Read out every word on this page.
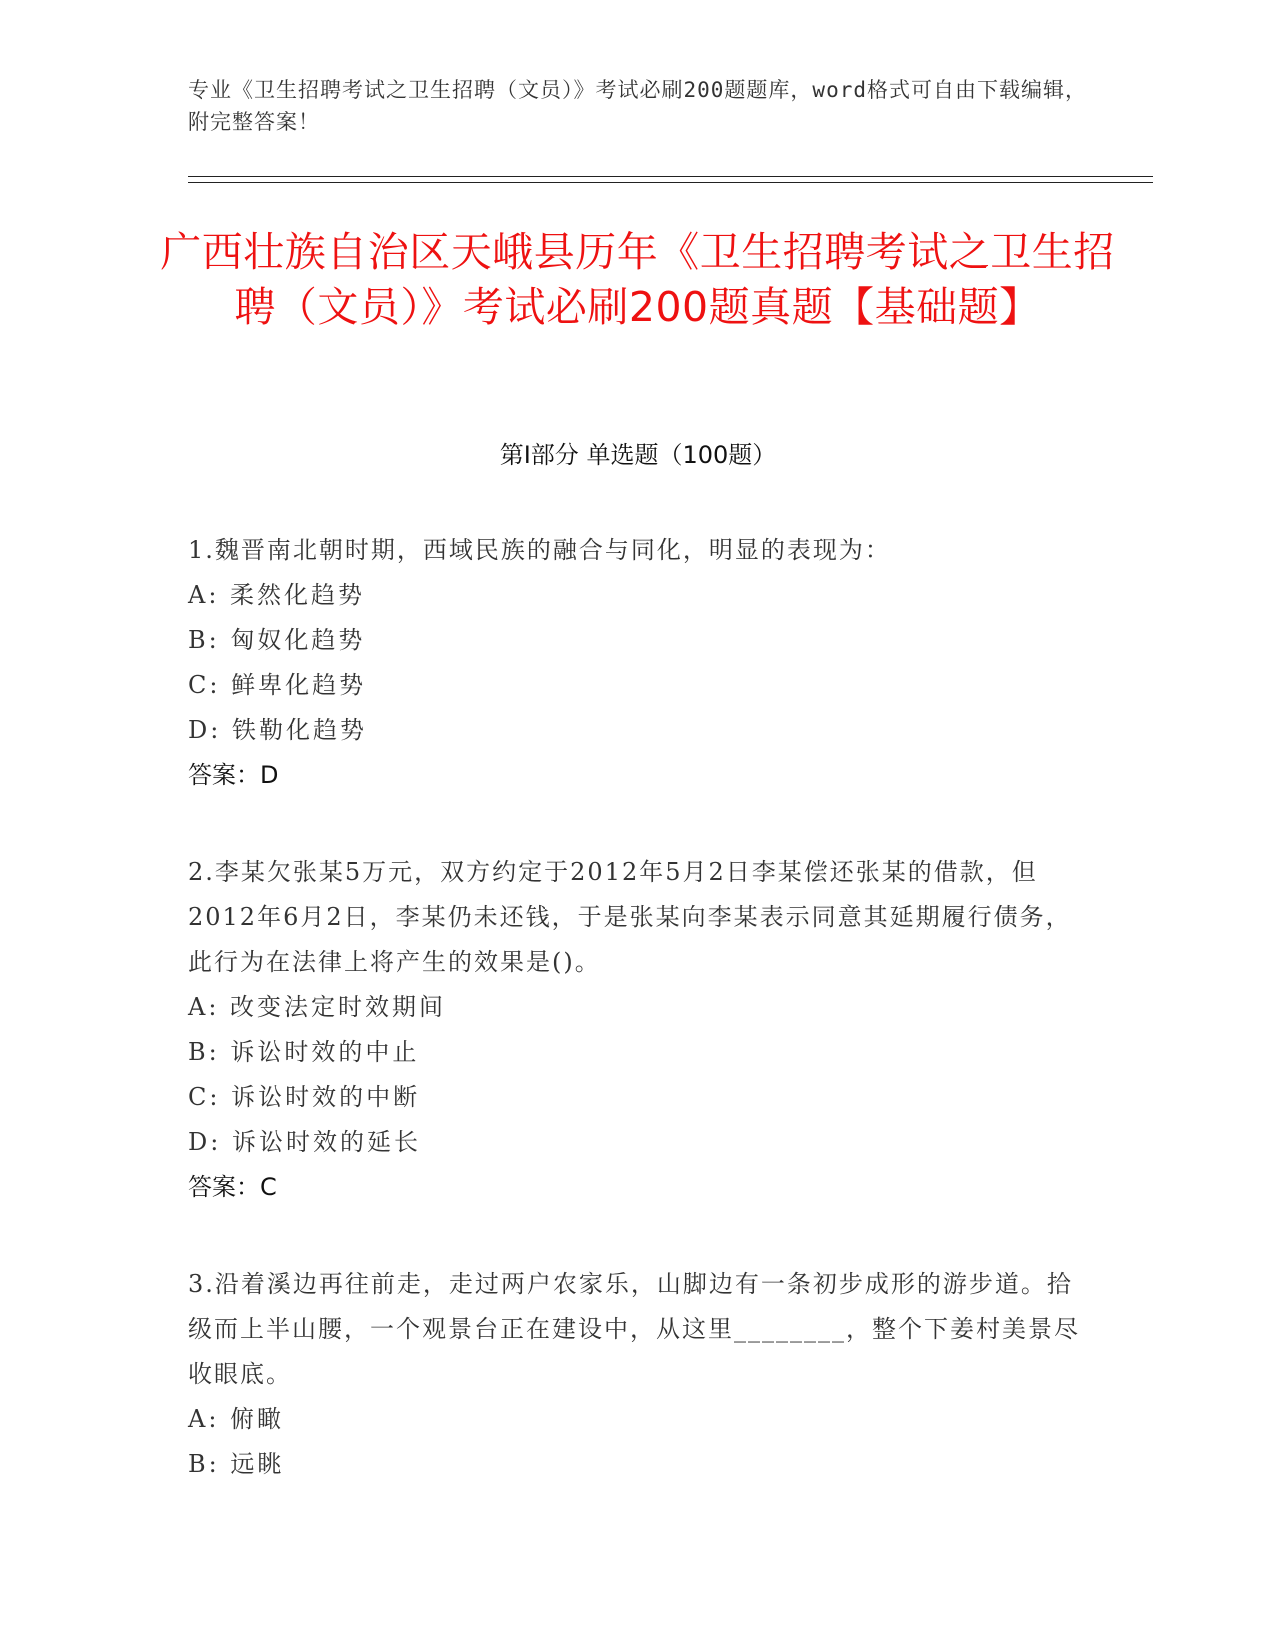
专业《卫生招聘考试之卫生招聘（文员）》考试必刷200题题库，word格式可自由下载编辑，附完整答案！
广西壮族自治区天峨县历年《卫生招聘考试之卫生招聘（文员）》考试必刷200题真题【基础题】
第I部分 单选题（100题）

1.魏晋南北朝时期，西域民族的融合与同化，明显的表现为：

A: 柔然化趋势

B: 匈奴化趋势

C: 鲜卑化趋势

D: 铁勒化趋势

答案：D

2.李某欠张某5万元，双方约定于2012年5月2日李某偿还张某的借款，但2012年6月2日，李某仍未还钱，于是张某向李某表示同意其延期履行债务，此行为在法律上将产生的效果是()。

A: 改变法定时效期间

B: 诉讼时效的中止

C: 诉讼时效的中断

D: 诉讼时效的延长

答案：C

3.沿着溪边再往前走，走过两户农家乐，山脚边有一条初步成形的游步道。拾级而上半山腰，一个观景台正在建设中，从这里________，整个下姜村美景尽收眼底。

A: 俯瞰

B: 远眺
